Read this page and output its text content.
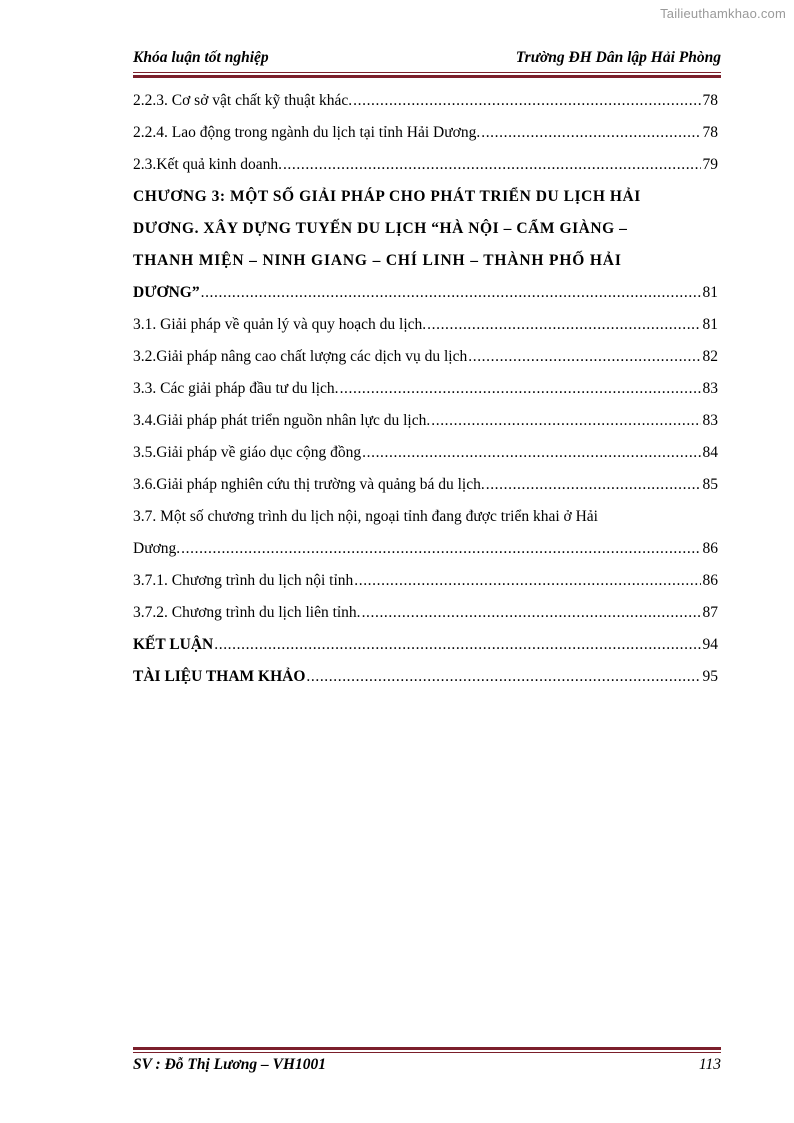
Tailieuthamkhao.com
Khóa luận tốt nghiệp	Trường ĐH Dân lập Hải Phòng
2.2.3. Cơ sở vật chất kỹ thuật khác. .....	78
2.2.4. Lao động trong ngành du lịch tại tỉnh Hải Dương. .....	78
2.3.Kết quả kinh doanh. .....	79
CHƯƠNG 3: MỘT SỐ GIẢI PHÁP CHO PHÁT TRIỂN DU LỊCH HẢI
DƯƠNG. XÂY DỰNG TUYẾN DU LỊCH “HÀ NỘI – CẨM GIÀNG –
THANH MIỆN – NINH GIANG – CHÍ LINH – THÀNH PHỐ HẢI
DƯƠNG” .....	81
3.1. Giải pháp về quản lý và quy hoạch du lịch. .....	81
3.2.Giải pháp nâng cao chất lượng các dịch vụ du lịch .....	82
3.3. Các giải pháp đầu tư du lịch. .....	83
3.4.Giải pháp phát triển nguồn nhân lực du lịch. .....	83
3.5.Giải pháp về giáo dục cộng đồng .....	84
3.6.Giải pháp nghiên cứu thị trường và quảng bá du lịch. .....	85
3.7. Một số chương trình du lịch nội, ngoại tỉnh đang được triển khai ở Hải
Dương. .....	86
3.7.1. Chương trình du lịch nội tỉnh .....	86
3.7.2. Chương trình du lịch liên tỉnh. .....	87
KẾT LUẬN .....	94
TÀI LIỆU THAM KHẢO .....	95
SV : Đỗ Thị Lương – VH1001	113
